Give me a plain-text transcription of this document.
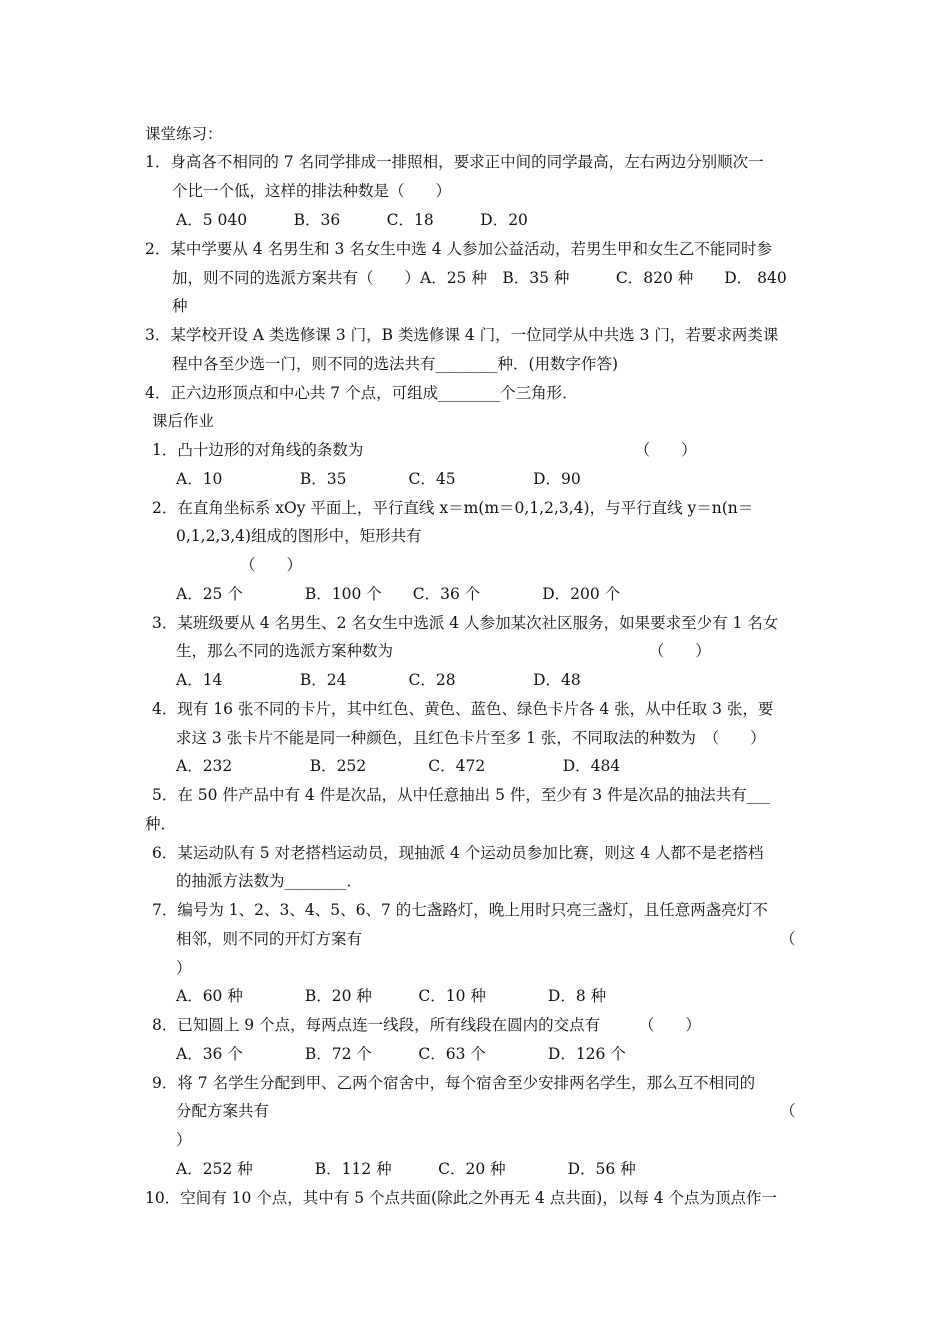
课堂练习：
1．身高各不相同的 7 名同学排成一排照相，要求正中间的同学最高，左右两边分别顺次一
个比一个低，这样的排法种数是（　　）
A．5 040　　　B．36　　　C．18　　　D．20
2．某中学要从 4 名男生和 3 名女生中选 4 人参加公益活动，若男生甲和女生乙不能同时参
加，则不同的选派方案共有（　　）A．25 种　B．35 种　　　C．820 种　　D． 840
种
3．某学校开设 A 类选修课 3 门，B 类选修课 4 门，一位同学从中共选 3 门，若要求两类课
程中各至少选一门，则不同的选法共有________种．(用数字作答)
4．正六边形顶点和中心共 7 个点，可组成________个三角形．
课后作业
1．凸十边形的对角线的条数为　　　　　　　　　　　　　　　　　　（　　）
A．10　　　　　B．35　　　　C．45　　　　　D．90
2．在直角坐标系 xOy 平面上，平行直线 x＝m(m＝0,1,2,3,4)，与平行直线 y＝n(n＝
0,1,2,3,4)组成的图形中，矩形共有
（　　）
A．25 个　　　　B．100 个　　C．36 个　　　　D．200 个
3．某班级要从 4 名男生、2 名女生中选派 4 人参加某次社区服务，如果要求至少有 1 名女
生，那么不同的选派方案种数为　　　　　　　　　　　　　　　　　（　　）
A．14　　　　　B．24　　　　C．28　　　　　D．48
4．现有 16 张不同的卡片，其中红色、黄色、蓝色、绿色卡片各 4 张，从中任取 3 张，要
求这 3 张卡片不能是同一种颜色，且红色卡片至多 1 张，不同取法的种数为　（　　）
A．232　　　　　B．252　　　　C．472　　　　　D．484
5．在 50 件产品中有 4 件是次品，从中任意抽出 5 件，至少有 3 件是次品的抽法共有___
种．
6．某运动队有 5 对老搭档运动员，现抽派 4 个运动员参加比赛，则这 4 人都不是老搭档
的抽派方法数为________．
7．编号为 1、2、3、4、5、6、7 的七盏路灯，晚上用时只亮三盏灯，且任意两盏亮灯不
相邻，则不同的开灯方案有	（
）
A．60 种　　　　B．20 种　　　C．10 种　　　　D．8 种
8．已知圆上 9 个点，每两点连一线段，所有线段在圆内的交点有　　　（　　）
A．36 个　　　　B．72 个　　　C．63 个　　　　D．126 个
9．将 7 名学生分配到甲、乙两个宿舍中，每个宿舍至少安排两名学生，那么互不相同的
分配方案共有	（
）
A．252 种　　　　B．112 种　　　C．20 种　　　　D．56 种
10．空间有 10 个点，其中有 5 个点共面(除此之外再无 4 点共面)，以每 4 个点为顶点作一
